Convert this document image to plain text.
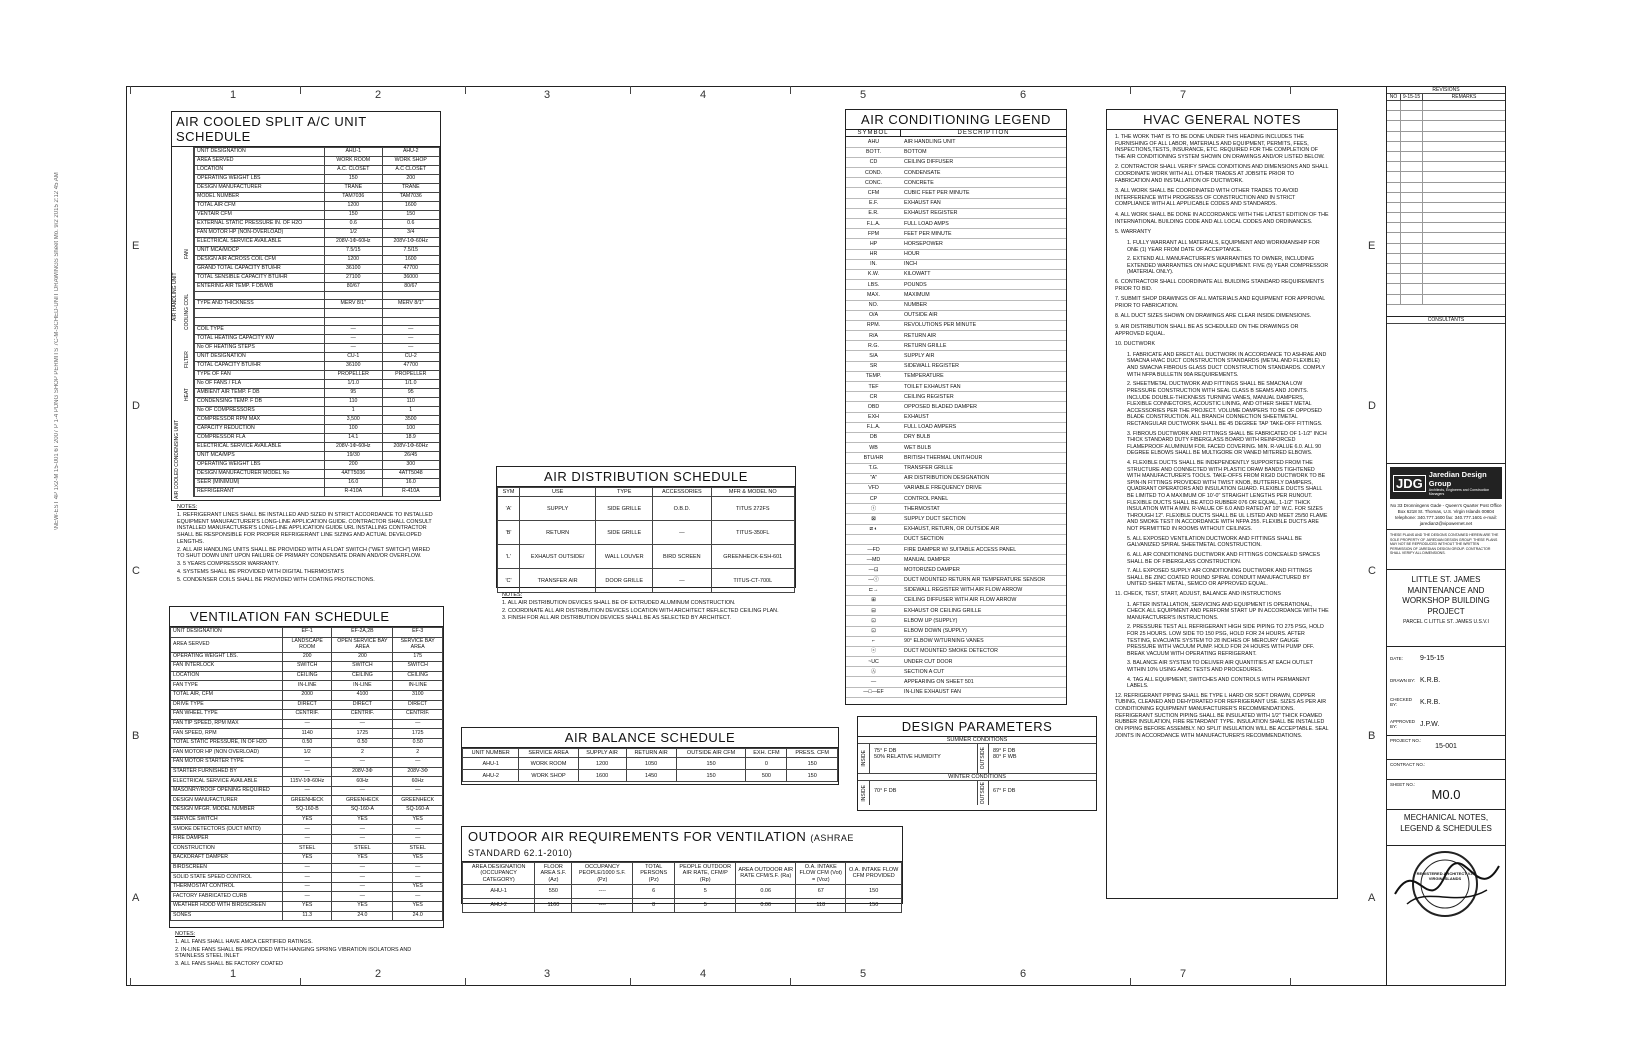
\NEW-EST 4P 1x2-M 15-001 6T 2007 P 1-4 PDNG SHOP PERMITS 7C-M-SCHED-UNIT DRAWINGS Sheet Mo. 9/2 2015 2:12 45 AM
1
1
2
2
3
3
4
4
5
5
6
6
7
7
E	E
D	D
C	C
B	B
A	A
AIR COOLED SPLIT A/C UNIT SCHEDULE
AIR HANDLING UNIT
FAN
COOLING COIL
FILTER
HEAT
AIR COOLED CONDENSING UNIT
UNIT DESIGNATION	AHU-1	AHU-2
AREA SERVED	WORK ROOM	WORK SHOP
LOCATION	A.C. CLOSET	A.C CLOSET
OPERATING WEIGHT LBS	150	200
DESIGN MANUFACTURER	TRANE	TRANE
MODEL NUMBER	TAM7036	TAM7036
TOTAL AIR CFM	1200	1600
VENTAIR CFM	150	150
EXTERNAL STATIC PRESSURE IN. OF H2O	0.6	0.6
FAN MOTOR HP (NON-OVERLOAD)	1/2	3/4
ELECTRICAL SERVICE AVAILABLE	208V-1Φ-60Hz	208V-1Φ-60Hz
UNIT MCA/MOCP	7.5/15	7.5/15
DESIGN AIR ACROSS COIL CFM	1200	1600
GRAND TOTAL CAPACITY BTU/HR	36100	47700
TOTAL SENSIBLE CAPACITY BTU/HR	27100	36000
ENTERING AIR TEMP. F DB/WB	80/67	80/67

TYPE AND THICKNESS	MERV 8/1"	MERV 8/1"

COIL TYPE	—	—
TOTAL HEATING CAPACITY KW	—	—
No OF HEATING STEPS	—	—
UNIT DESIGNATION	CU-1	CU-2
TOTAL CAPACITY BTU/HR	36100	47700
TYPE OF FAN	PROPELLER	PROPELLER
No OF FANS / FLA	1/1.0	1/1.0
AMBIENT AIR TEMP. F DB	95	95
CONDENSING TEMP. F DB	110	110
No OF COMPRESSORS	1	1
COMPRESSOR RPM MAX	3,500	3500
CAPACITY REDUCTION	100	100
COMPRESSOR FLA	14.1	18.9
ELECTRICAL SERVICE AVAILABLE	208V-1Φ-60Hz	208V-1Φ-60Hz
UNIT MCA/MPS	19/30	26/45
OPERATING WEIGHT LBS	200	300
DESIGN MANUFACTURER MODEL No	4ATT5036	4ATT5048
SEER (MINIMUM)	16.0	16.0
REFRIGERANT	R-410A	R-410A

NOTES:

1. REFRIGERANT LINES SHALL BE INSTALLED AND SIZED IN STRICT ACCORDANCE TO INSTALLED EQUIPMENT MANUFACTURER'S LONG-LINE APPLICATION GUIDE. CONTRACTOR SHALL CONSULT INSTALLED MANUFACTURER'S LONG-LINE APPLICATION GUIDE URL INSTALLING CONTRACTOR SHALL BE RESPONSIBLE FOR PROPER REFRIGERANT LINE SIZING AND ACTUAL DEVELOPED LENGTHS.

2. ALL AIR HANDLING UNITS SHALL BE PROVIDED WITH A FLOAT SWITCH ("WET SWITCH") WIRED TO SHUT DOWN UNIT UPON FAILURE OF PRIMARY CONDENSATE DRAIN AND/OR OVERFLOW.

3. 5 YEARS COMPRESSOR WARRANTY.

4. SYSTEMS SHALL BE PROVIDED WITH DIGITAL THERMOSTATS

5. CONDENSER COILS SHALL BE PROVIDED WITH COATING PROTECTIONS.

VENTILATION FAN SCHEDULE
UNIT DESIGNATION	EF-1	EF-2A,2B	EF-3
AREA SERVED	LANDSCAPE ROOM	OPEN SERVICE BAY AREA	SERVICE BAY AREA
OPERATING WEIGHT LBS.	200	200	175
FAN INTERLOCK	SWITCH	SWITCH	SWITCH
LOCATION	CEILING	CEILING	CEILING
FAN TYPE	IN-LINE	IN-LINE	IN-LINE
TOTAL AIR, CFM	2000	4100	3100
DRIVE TYPE	DIRECT	DIRECT	DIRECT
FAN WHEEL TYPE	CENTRIF.	CENTRIF.	CENTRIF.
FAN TIP SPEED, RPM MAX	—	—	—
FAN SPEED, RPM	1140	1725	1725
TOTAL STATIC PRESSURE, IN OF H2O	0.50	0.50	0.50
FAN MOTOR HP (NON OVERLOAD)	1/2	2	2
FAN MOTOR STARTER TYPE	—	—	—
STARTER FURNISHED BY	—	208V-3Φ	208V-3Φ
ELECTRICAL SERVICE AVAILABLE	115V-1Φ-60Hz	60Hz	60Hz
MASONRY/ROOF OPENING REQUIRED	—	—	—
DESIGN MANUFACTURER	GREENHECK	GREENHECK	GREENHECK
DESIGN MFGR. MODEL NUMBER	SQ-160-B	SQ-160-A	SQ-160-A
SERVICE SWITCH	YES	YES	YES
SMOKE DETECTORS (DUCT MNTD)	—	—	—
FIRE DAMPER	—	—	—
CONSTRUCTION	STEEL	STEEL	STEEL
BACKDRAFT DAMPER	YES	YES	YES
BIRDSCREEN	—	—	—
SOLID STATE SPEED CONTROL	—	—	—
THERMOSTAT CONTROL	—	—	YES
FACTORY FABRICATED CURB	—	—	—
WEATHER HOOD WITH BIRDSCREEN	YES	YES	YES
SONES	11.3	24.0	24.0

NOTES:

1. ALL FANS SHALL HAVE AMCA CERTIFIED RATINGS.

2. IN-LINE FANS SHALL BE PROVIDED WITH HANGING SPRING VIBRATION ISOLATORS AND STAINLESS STEEL INLET

3. ALL FANS SHALL BE FACTORY COATED

AIR DISTRIBUTION SCHEDULE
SYM	USE	TYPE	ACCESSORIES	MFR & MODEL NO
'A'	SUPPLY	SIDE GRILLE	O.B.D.	TITUS 272FS
'B'	RETURN	SIDE GRILLE	—	TITUS-350FL
'L'	EXHAUST OUTSIDE/	WALL LOUVER	BIRD SCREEN	GREENHECK-ESH-601
'C'	TRANSFER AIR	DOOR GRILLE	—	TITUS-CT-700L

NOTES:

1. ALL AIR DISTRIBUTION DEVICES SHALL BE OF EXTRUDED ALUMINUM CONSTRUCTION.

2. COORDINATE ALL AIR DISTRIBUTION DEVICES LOCATION WITH ARCHITECT REFLECTED CEILING PLAN.

3. FINISH FOR ALL AIR DISTRIBUTION DEVICES SHALL BE AS SELECTED BY ARCHITECT.

AIR BALANCE SCHEDULE
UNIT NUMBER	SERVICE AREA	SUPPLY AIR	RETURN AIR	OUTSIDE AIR CFM	EXH. CFM	PRESS. CFM
AHU-1	WORK ROOM	1200	1050	150	0	150
AHU-2	WORK SHOP	1600	1450	150	500	150
OUTDOOR AIR REQUIREMENTS FOR VENTILATION (ASHRAE STANDARD 62.1-2010)
AREA DESIGNATION (OCCUPANCY CATEGORY)	FLOOR AREA S.F. (Az)	OCCUPANCY PEOPLE/1000 S.F. (Pz)	TOTAL PERSONS (Pz)	PEOPLE OUTDOOR AIR RATE, CFM/P (Rp)	AREA OUTDOOR AIR RATE CFM/S.F. (Ra)	O.A. INTAKE FLOW CFM (Vot) = (Voz)	O.A. INTAKE FLOW CFM PROVIDED
AHU-1	550	----	6	5	0.06	67	150
AHU-2	1160	----	8	5	0.06	118	150
AIR CONDITIONING LEGEND
SYMBOL	DESCRIPTION
AHU	AIR HANDLING UNIT
BOTT.	BOTTOM
CD	CEILING DIFFUSER
COND.	CONDENSATE
CONC.	CONCRETE
CFM	CUBIC FEET PER MINUTE
E.F.	EXHAUST FAN
E.R.	EXHAUST REGISTER
F.L.A.	FULL LOAD AMPS
FPM	FEET PER MINUTE
HP	HORSEPOWER
HR	HOUR
IN.	INCH
K.W.	KILOWATT
LBS.	POUNDS
MAX.	MAXIMUM
NO.	NUMBER
O/A	OUTSIDE AIR
RPM.	REVOLUTIONS PER MINUTE
R/A	RETURN AIR
R.G.	RETURN GRILLE
S/A	SUPPLY AIR
SR	SIDEWALL REGISTER
TEMP.	TEMPERATURE
TEF	TOILET EXHAUST FAN
CR	CEILING REGISTER
OBD	OPPOSED BLADED DAMPER
EXH	EXHAUST
F.L.A.	FULL LOAD AMPERS
DB	DRY BULB
WB	WET BULB
BTU/HR	BRITISH THERMAL UNIT/HOUR
T.G.	TRANSFER GRILLE
"A"	AIR DISTRIBUTION DESIGNATION
VFD	VARIABLE FREQUENCY DRIVE
CP	CONTROL PANEL
ⓣ	THERMOSTAT
⊠	SUPPLY DUCT SECTION
⧄ ◐	EXHAUST, RETURN, OR OUTSIDE AIR
	DUCT SECTION
—FD	FIRE DAMPER W/ SUITABLE ACCESS PANEL
—MD	MANUAL DAMPER
—⊡	MOTORIZED DAMPER
—ⓣ	DUCT MOUNTED RETURN AIR TEMPERATURE SENSOR
⊏→	SIDEWALL REGISTER WITH AIR FLOW ARROW
⊞	CEILING DIFFUSER WITH AIR FLOW ARROW
⊟	EXHAUST OR CEILING GRILLE
⊡	ELBOW UP (SUPPLY)
⊡	ELBOW DOWN (SUPPLY)
⌐	90° ELBOW W/TURNING VANES
ⓢ	DUCT MOUNTED SMOKE DETECTOR
~UC	UNDER CUT DOOR
Ⓐ	SECTION A CUT
—	APPEARING ON SHEET 501
—□—EF	IN-LINE EXHAUST FAN
DESIGN PARAMETERS
SUMMER CONDITIONS
INSIDE 75° F DB
50% RELATIVE HUMIDITY	OUTSIDE 89° F DB
80° F WB
WINTER CONDITIONS
INSIDE	70° F DB	OUTSIDE	67° F DB
HVAC GENERAL NOTES
1. THE WORK THAT IS TO BE DONE UNDER THIS HEADING INCLUDES THE FURNISHING OF ALL LABOR, MATERIALS AND EQUIPMENT, PERMITS, FEES, INSPECTIONS,TESTS, INSURANCE, ETC. REQUIRED FOR THE COMPLETION OF THE AIR CONDITIONING SYSTEM SHOWN ON DRAWINGS AND/OR LISTED BELOW.
2. CONTRACTOR SHALL VERIFY SPACE CONDITIONS AND DIMENSIONS AND SHALL COORDINATE WORK WITH ALL OTHER TRADES AT JOBSITE PRIOR TO FABRICATION AND INSTALLATION OF DUCTWORK.
3. ALL WORK SHALL BE COORDINATED WITH OTHER TRADES TO AVOID INTERFERENCE WITH PROGRESS OF CONSTRUCTION AND IN STRICT COMPLIANCE WITH ALL APPLICABLE CODES AND STANDARDS.
4. ALL WORK SHALL BE DONE IN ACCORDANCE WITH THE LATEST EDITION OF THE INTERNATIONAL BUILDING CODE AND ALL LOCAL CODES AND ORDINANCES.
5. WARRANTY
1. FULLY WARRANT ALL MATERIALS, EQUIPMENT AND WORKMANSHIP FOR ONE (1) YEAR FROM DATE OF ACCEPTANCE.
2. EXTEND ALL MANUFACTURER'S WARRANTIES TO OWNER, INCLUDING EXTENDED WARRANTIES ON HVAC EQUIPMENT. FIVE (5) YEAR COMPRESSOR (MATERIAL ONLY).
6. CONTRACTOR SHALL COORDINATE ALL BUILDING STANDARD REQUIREMENTS PRIOR TO BID.
7. SUBMIT SHOP DRAWINGS OF ALL MATERIALS AND EQUIPMENT FOR APPROVAL PRIOR TO FABRICATION.
8. ALL DUCT SIZES SHOWN ON DRAWINGS ARE CLEAR INSIDE DIMENSIONS.
9. AIR DISTRIBUTION SHALL BE AS SCHEDULED ON THE DRAWINGS OR APPROVED EQUAL.
10. DUCTWORK
1. FABRICATE AND ERECT ALL DUCTWORK IN ACCORDANCE TO ASHRAE AND SMACNA HVAC DUCT CONSTRUCTION STANDARDS (METAL AND FLEXIBLE) AND SMACNA FIBROUS GLASS DUCT CONSTRUCTION STANDARDS. COMPLY WITH NFPA BULLETIN 90A REQUIREMENTS.
2. SHEETMETAL DUCTWORK AND FITTINGS SHALL BE SMACNA LOW PRESSURE CONSTRUCTION WITH SEAL CLASS B SEAMS AND JOINTS. INCLUDE DOUBLE-THICKNESS TURNING VANES, MANUAL DAMPERS, FLEXIBLE CONNECTORS, ACOUSTIC LINING, AND OTHER SHEET METAL ACCESSORIES PER THE PROJECT. VOLUME DAMPERS TO BE OF OPPOSED BLADE CONSTRUCTION. ALL BRANCH CONNECTION SHEETMETAL RECTANGULAR DUCTWORK SHALL BE 45 DEGREE TAP TAKE-OFF FITTINGS.
3. FIBROUS DUCTWORK AND FITTINGS SHALL BE FABRICATED OF 1-1/2" INCH THICK STANDARD DUTY FIBERGLASS BOARD WITH REINFORCED FLAMEPROOF ALUMINUM FOIL FACED COVERING. MIN. R-VALUE 6.0. ALL 90 DEGREE ELBOWS SHALL BE MULTIGORE OR VANED MITERED ELBOWS.
4. FLEXIBLE DUCTS SHALL BE INDEPENDENTLY SUPPORTED FROM THE STRUCTURE AND CONNECTED WITH PLASTIC DRAW BANDS TIGHTENED WITH MANUFACTURER'S TOOLS. TAKE-OFFS FROM RIGID DUCTWORK TO BE SPIN-IN FITTINGS PROVIDED WITH TWIST KNOB, BUTTERFLY DAMPERS, QUADRANT OPERATORS AND INSULATION GUARD. FLEXIBLE DUCTS SHALL BE LIMITED TO A MAXIMUM OF 10'-0" STRAIGHT LENGTHS PER RUNOUT. FLEXIBLE DUCTS SHALL BE ATCO RUBBER 076 OR EQUAL, 1-1/2" THICK INSULATION WITH A MIN. R-VALUE OF 6.0 AND RATED AT 10" W.C. FOR SIZES THROUGH 12". FLEXIBLE DUCTS SHALL BE UL LISTED AND MEET 25/50 FLAME AND SMOKE TEST IN ACCORDANCE WITH NFPA 255. FLEXIBLE DUCTS ARE NOT PERMITTED IN ROOMS WITHOUT CEILINGS.
5. ALL EXPOSED VENTILATION DUCTWORK AND FITTINGS SHALL BE GALVANIZED SPIRAL SHEETMETAL CONSTRUCTION.
6. ALL AIR CONDITIONING DUCTWORK AND FITTINGS CONCEALED SPACES SHALL BE OF FIBERGLASS CONSTRUCTION.
7. ALL EXPOSED SUPPLY AIR CONDITIONING DUCTWORK AND FITTINGS SHALL BE ZINC COATED ROUND SPIRAL CONDUIT MANUFACTURED BY UNITED SHEET METAL, SEMCO OR APPROVED EQUAL.
11. CHECK, TEST, START, ADJUST, BALANCE AND INSTRUCTIONS
1. AFTER INSTALLATION, SERVICING AND EQUIPMENT IS OPERATIONAL, CHECK ALL EQUIPMENT AND PERFORM START UP IN ACCORDANCE WITH THE MANUFACTURER'S INSTRUCTIONS.
2. PRESSURE TEST ALL REFRIGERANT HIGH SIDE PIPING TO 275 PSG, HOLD FOR 25 HOURS. LOW SIDE TO 150 PSG, HOLD FOR 24 HOURS. AFTER TESTING, EVACUATE SYSTEM TO 28 INCHES OF MERCURY GAUGE PRESSURE WITH VACUUM PUMP. HOLD FOR 24 HOURS WITH PUMP OFF. BREAK VACUUM WITH OPERATING REFRIGERANT.
3. BALANCE AIR SYSTEM TO DELIVER AIR QUANTITIES AT EACH OUTLET WITHIN 10% USING AABC TESTS AND PROCEDURES.
4. TAG ALL EQUIPMENT, SWITCHES AND CONTROLS WITH PERMANENT LABELS.
12. REFRIGERANT PIPING SHALL BE TYPE L HARD OR SOFT DRAWN, COPPER TUBING, CLEANED AND DEHYDRATED FOR REFRIGERANT USE. SIZES AS PER AIR CONDITIONING EQUIPMENT MANUFACTURER'S RECOMMENDATIONS. REFRIGERANT SUCTION PIPING SHALL BE INSULATED WITH 1/2" THICK FOAMED RUBBER INSULATION, FIRE RETARDANT TYPE. INSULATION SHALL BE INSTALLED ON PIPING BEFORE ASSEMBLY. NO SPLIT INSULATION WILL BE ACCEPTABLE. SEAL JOINTS IN ACCORDANCE WITH MANUFACTURER'S RECOMMENDATIONS.
REVISIONS
NO	9-15-15	REMARKS
CONSULTANTS
JDG
Jaredian Design Group
Architects, Engineers and Construction Managers
No 33 Dronningens Gade - Queen's Quarter Post Office Box 6218 St. Thomas, U.S. Virgin Islands 00804 telephone: 340.777.1600 fax: 340.777.1601 e-mail: jaredian2@vipowernet.net
THESE PLANS AND THE DESIGNS CONTAINED HEREIN ARE THE SOLE PROPERTY OF JAREDIAN DESIGN GROUP. THESE PLANS MAY NOT BE REPRODUCED WITHOUT THE WRITTEN PERMISSION OF JAREDIAN DESIGN GROUP. CONTRACTOR SHALL VERIFY ALL DIMENSIONS.
LITTLE ST. JAMES MAINTENANCE AND WORKSHOP BUILDING PROJECT
PARCEL C LITTLE ST. JAMES U.S.V.I
DATE:	9-15-15
DRAWN BY: K.R.B.
CHECKED BY:	K.R.B.
APPROVED BY:	J.P.W.
PROJECT NO.:
15-001
CONTRACT NO.:
SHEET NO.:
M0.0
MECHANICAL NOTES, LEGEND & SCHEDULES
REGISTERED ARCHITECT V.I. VIRGIN ISLANDS
